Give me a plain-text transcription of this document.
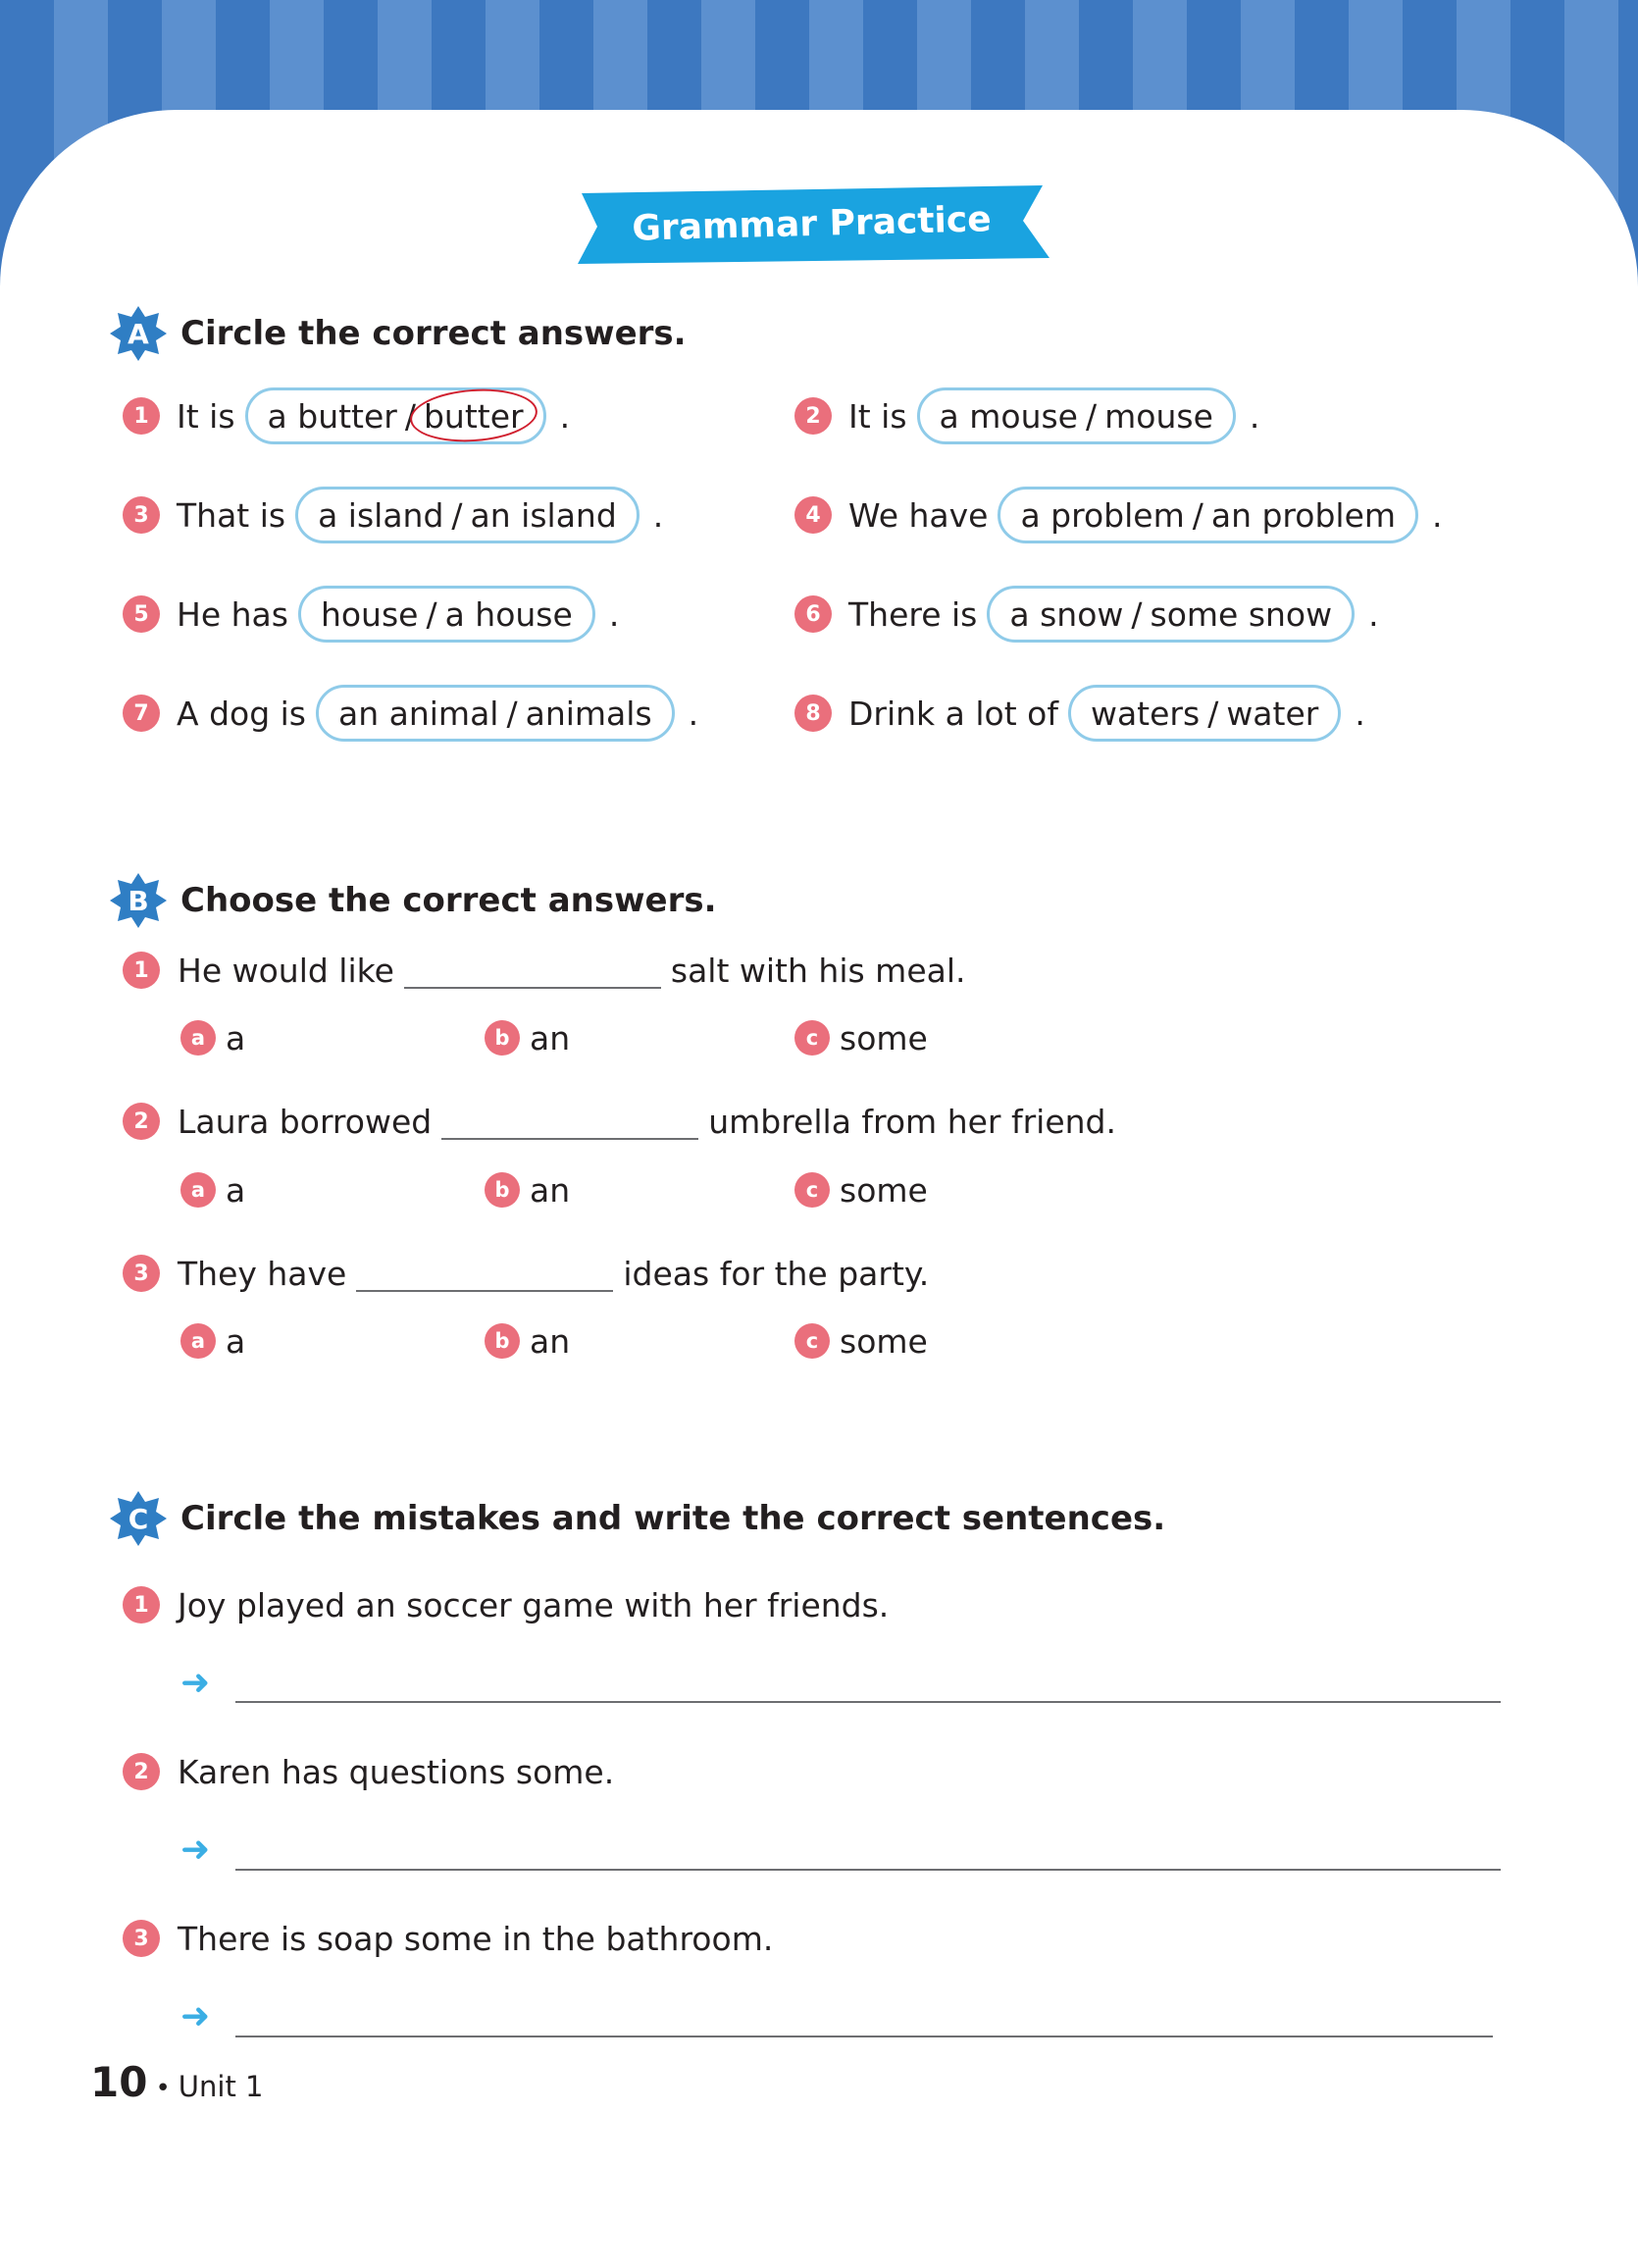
Grammar Practice
A Circle the correct answers.
1 It is a butter / butter .	2 It is a mouse / mouse .
3 That is a island / an island .	4 We have a problem / an problem .
5 He has house / a house .	6 There is a snow / some snow .
7 A dog is an animal / animals .	8 Drink a lot of waters / water .
B Choose the correct answers.
1 He would like	salt with his meal.
a a	b an	c some
2 Laura borrowed	umbrella from her friend.
a a	b an	c some
3 They have	ideas for the party.
a a	b an	c some
C Circle the mistakes and write the correct sentences.
1 Joy played an soccer game with her friends.
➜
2 Karen has questions some.
➜
3 There is soap some in the bathroom.
➜
10 • Unit 1
